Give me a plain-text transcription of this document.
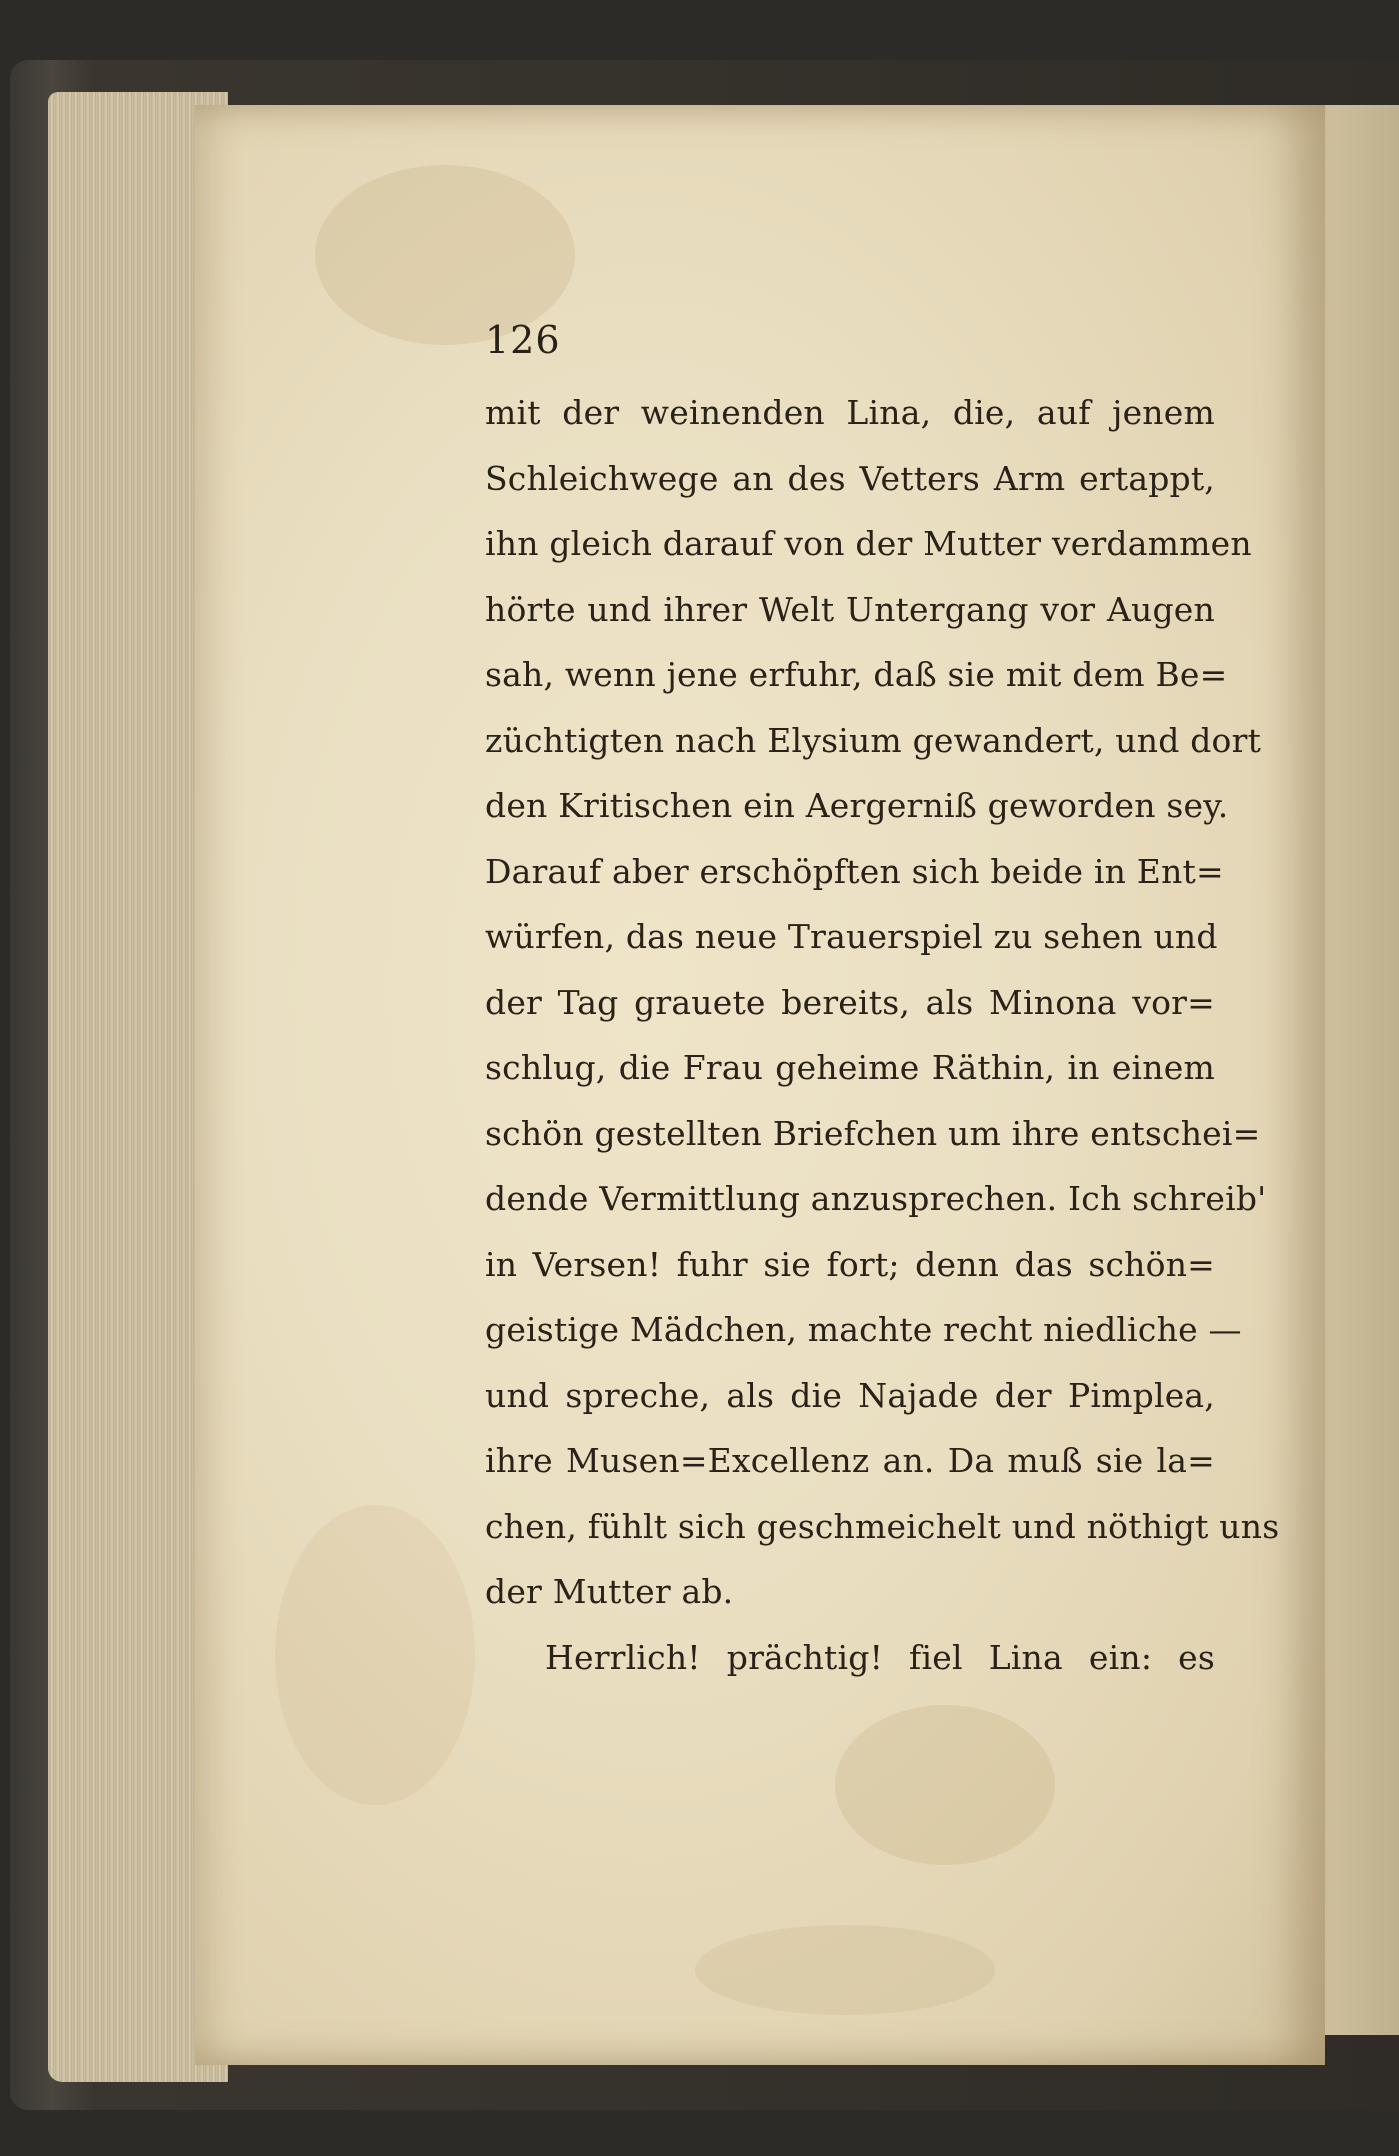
126
mit der weinenden Lina, die, auf jenem
Schleichwege an des Vetters Arm ertappt,
ihn gleich darauf von der Mutter verdammen
hörte und ihrer Welt Untergang vor Augen
sah, wenn jene erfuhr, daß sie mit dem Be=
züchtigten nach Elysium gewandert, und dort
den Kritischen ein Aergerniß geworden sey.
Darauf aber erschöpften sich beide in Ent=
würfen, das neue Trauerspiel zu sehen und
der Tag grauete bereits, als Minona vor=
schlug, die Frau geheime Räthin, in einem
schön gestellten Briefchen um ihre entschei=
dende Vermittlung anzusprechen. Ich schreib'
in Versen! fuhr sie fort; denn das schön=
geistige Mädchen, machte recht niedliche —
und spreche, als die Najade der Pimplea,
ihre Musen=Excellenz an. Da muß sie la=
chen, fühlt sich geschmeichelt und nöthigt uns
der Mutter ab.
Herrlich! prächtig! fiel Lina ein: es
